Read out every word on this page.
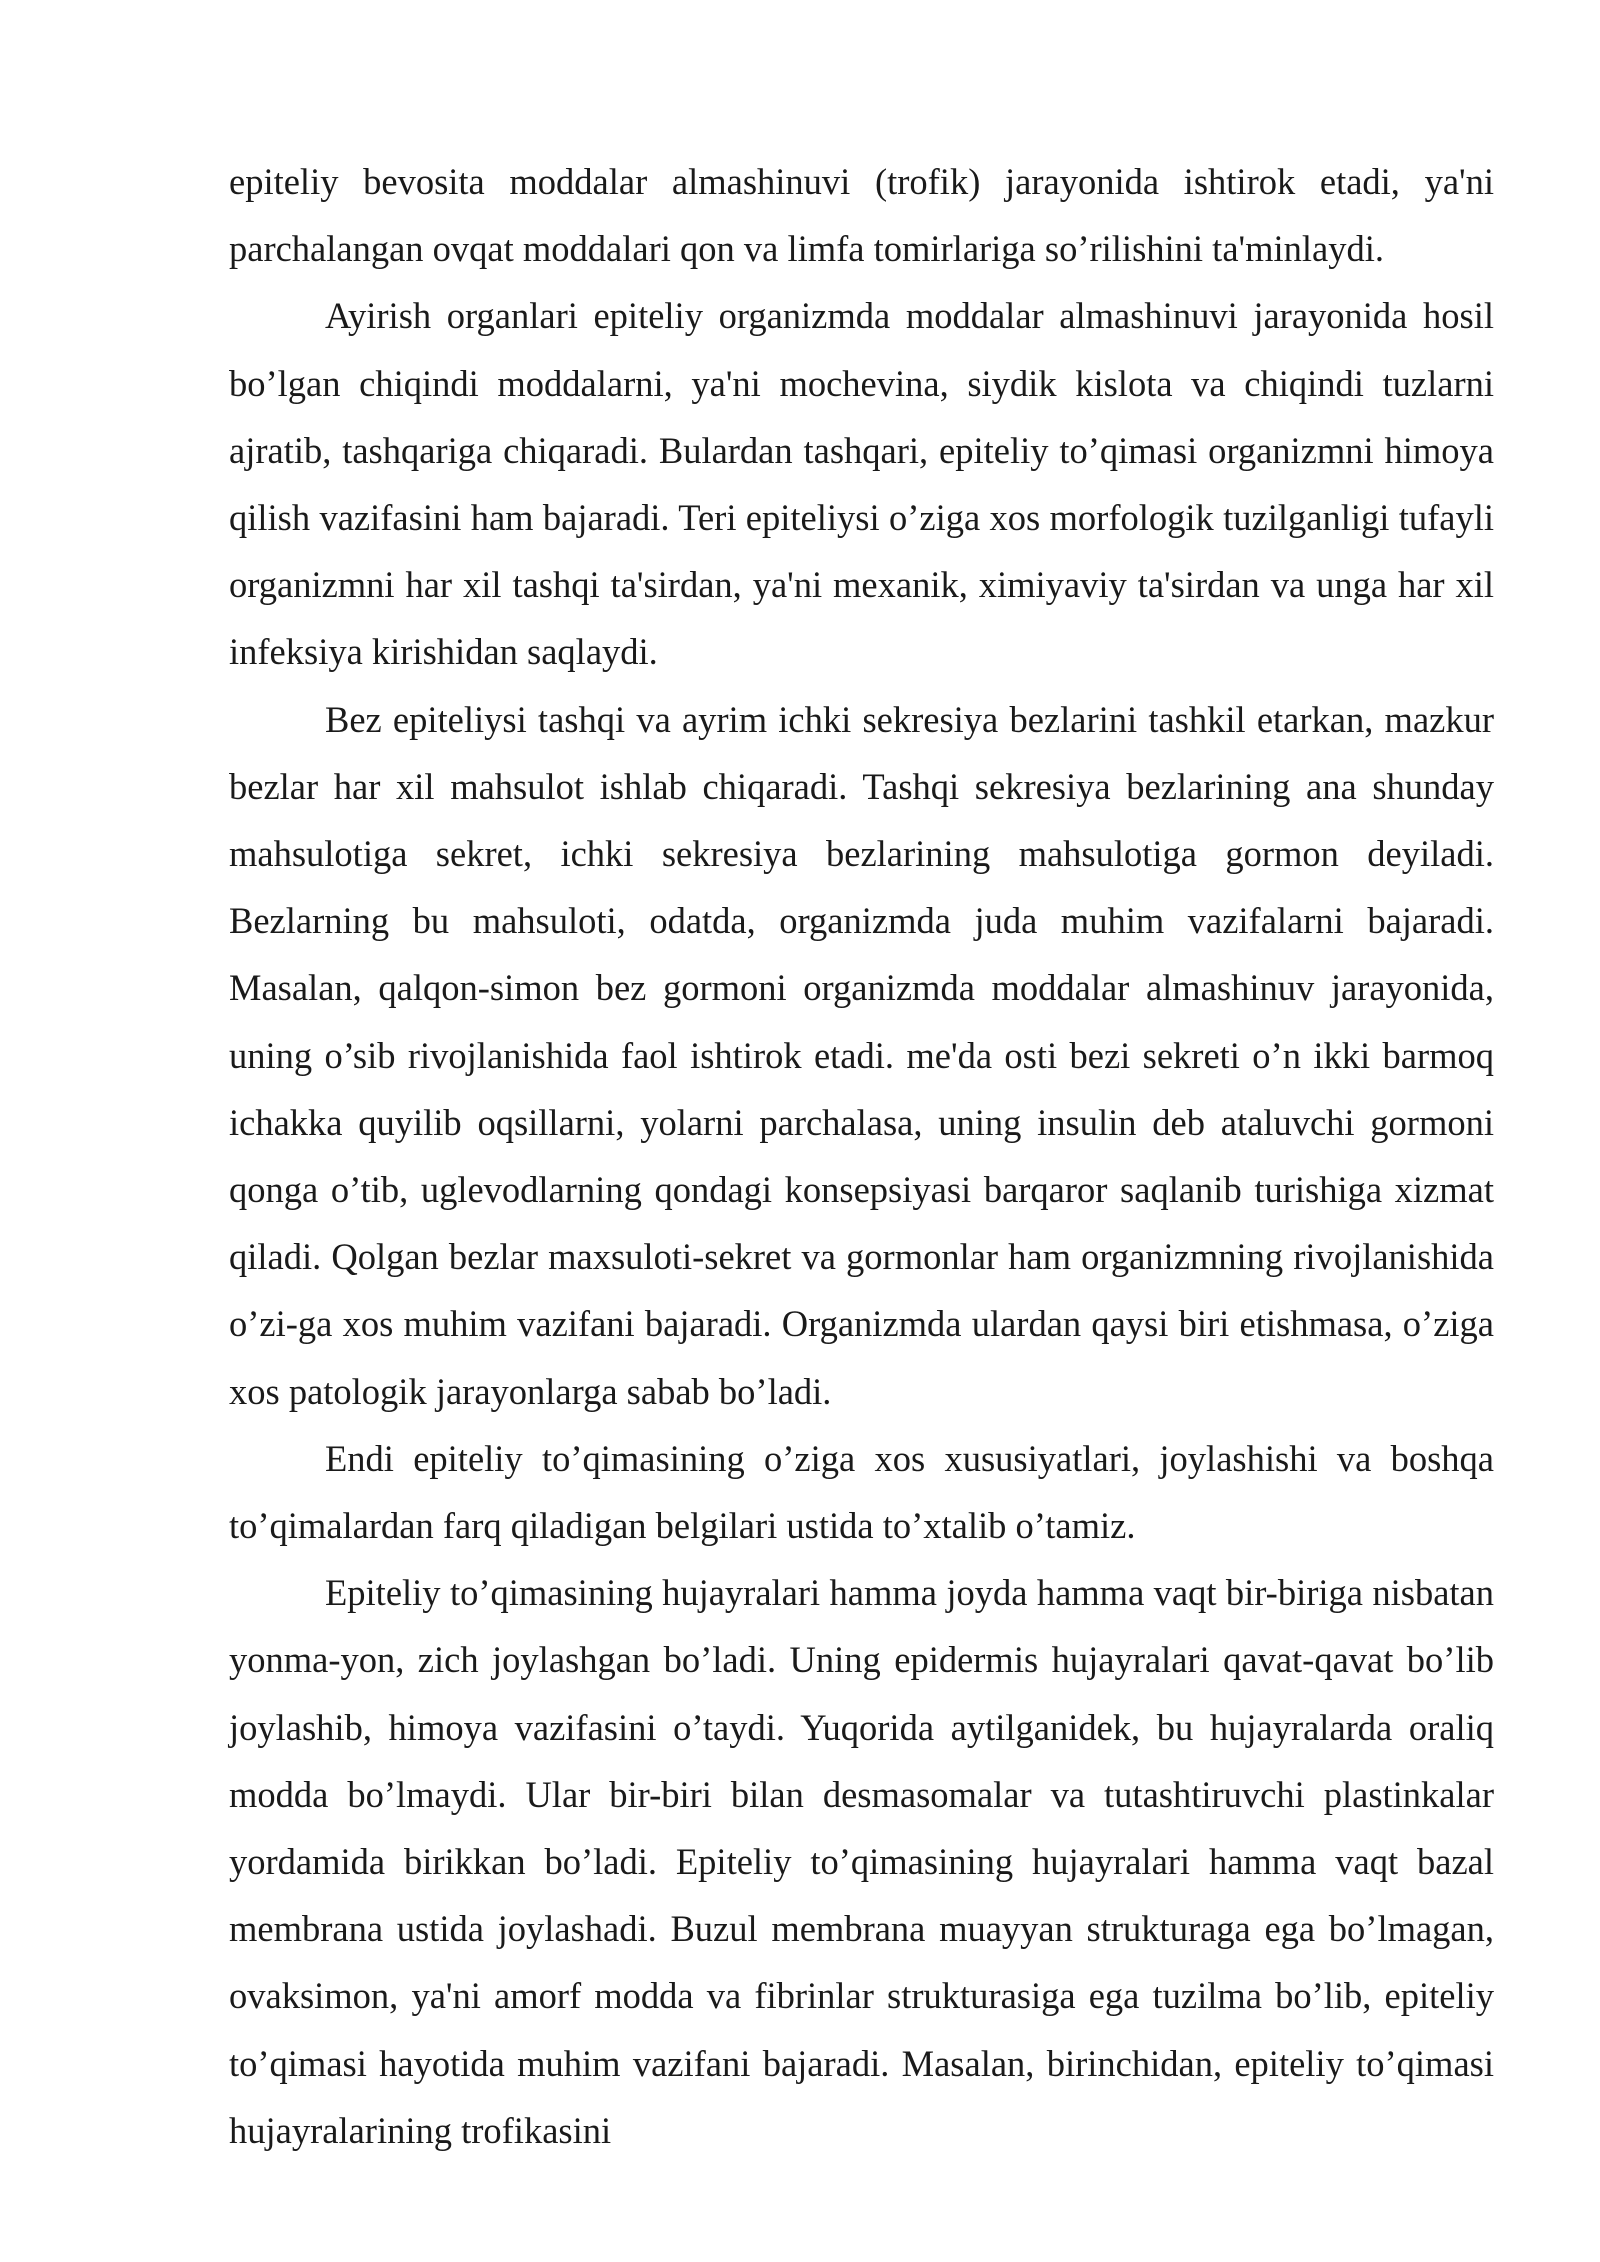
epiteliy bevosita moddalar almashinuvi (trofik) jarayonida ishtirok etadi, ya'ni parchalangan ovqat moddalari qon va limfa tomirlariga so’rilishini ta'minlaydi.

Ayirish organlari epiteliy organizmda moddalar almashinuvi jarayonida hosil bo’lgan chiqindi moddalarni, ya'ni mochevina, siydik kislota va chiqindi tuzlarni ajratib, tashqariga chiqaradi. Bulardan tashqari, epiteliy to’qimasi organizmni himoya qilish vazifasini ham bajaradi. Teri epiteliysi o’ziga xos morfologik tuzilganligi tufayli organizmni har xil tashqi ta'sirdan, ya'ni mexanik, ximiyaviy ta'sirdan va unga har xil infeksiya kirishidan saqlaydi.

Bez epiteliysi tashqi va ayrim ichki sekresiya bezlarini tashkil etarkan, mazkur bezlar har xil mahsulot ishlab chiqaradi. Tashqi sekresiya bezlarining ana shunday mahsulotiga sekret, ichki sekresiya bezlarining mahsulotiga gormon deyiladi. Bezlarning bu mahsuloti, odatda, organizmda juda muhim vazifalarni bajaradi. Masalan, qalqon-simon bez gormoni organizmda moddalar almashinuv jarayonida, uning o’sib rivojlanishida faol ishtirok etadi. me'da osti bezi sekreti o’n ikki barmoq ichakka quyilib oqsillarni, yolarni parchalasa, uning insulin deb ataluvchi gormoni qonga o’tib, uglevodlarning qondagi konsepsiyasi barqaror saqlanib turishiga xizmat qiladi. Qolgan bezlar maxsuloti-sekret va gormonlar ham organizmning rivojlanishida o’zi-ga xos muhim vazifani bajaradi. Organizmda ulardan qaysi biri etishmasa, o’ziga xos patologik jarayonlarga sabab bo’ladi.

Endi epiteliy to’qimasining o’ziga xos xususiyatlari, joylashishi va boshqa to’qimalardan farq qiladigan belgilari ustida to’xtalib o’tamiz.

Epiteliy to’qimasining hujayralari hamma joyda hamma vaqt bir-biriga nisbatan yonma-yon, zich joylashgan bo’ladi. Uning epidermis hujayralari qavat-qavat bo’lib joylashib, himoya vazifasini o’taydi. Yuqorida aytilganidek, bu hujayralarda oraliq modda bo’lmaydi. Ular bir-biri bilan desmasomalar va tutashtiruvchi plastinkalar yordamida birikkan bo’ladi. Epiteliy to’qimasining hujayralari hamma vaqt bazal membrana ustida joylashadi. Buzul membrana muayyan strukturaga ega bo’lmagan, ovaksimon, ya'ni amorf modda va fibrinlar strukturasiga ega tuzilma bo’lib, epiteliy to’qimasi hayotida muhim vazifani bajaradi. Masalan, birinchidan, epiteliy to’qimasi hujayralarining trofikasini
